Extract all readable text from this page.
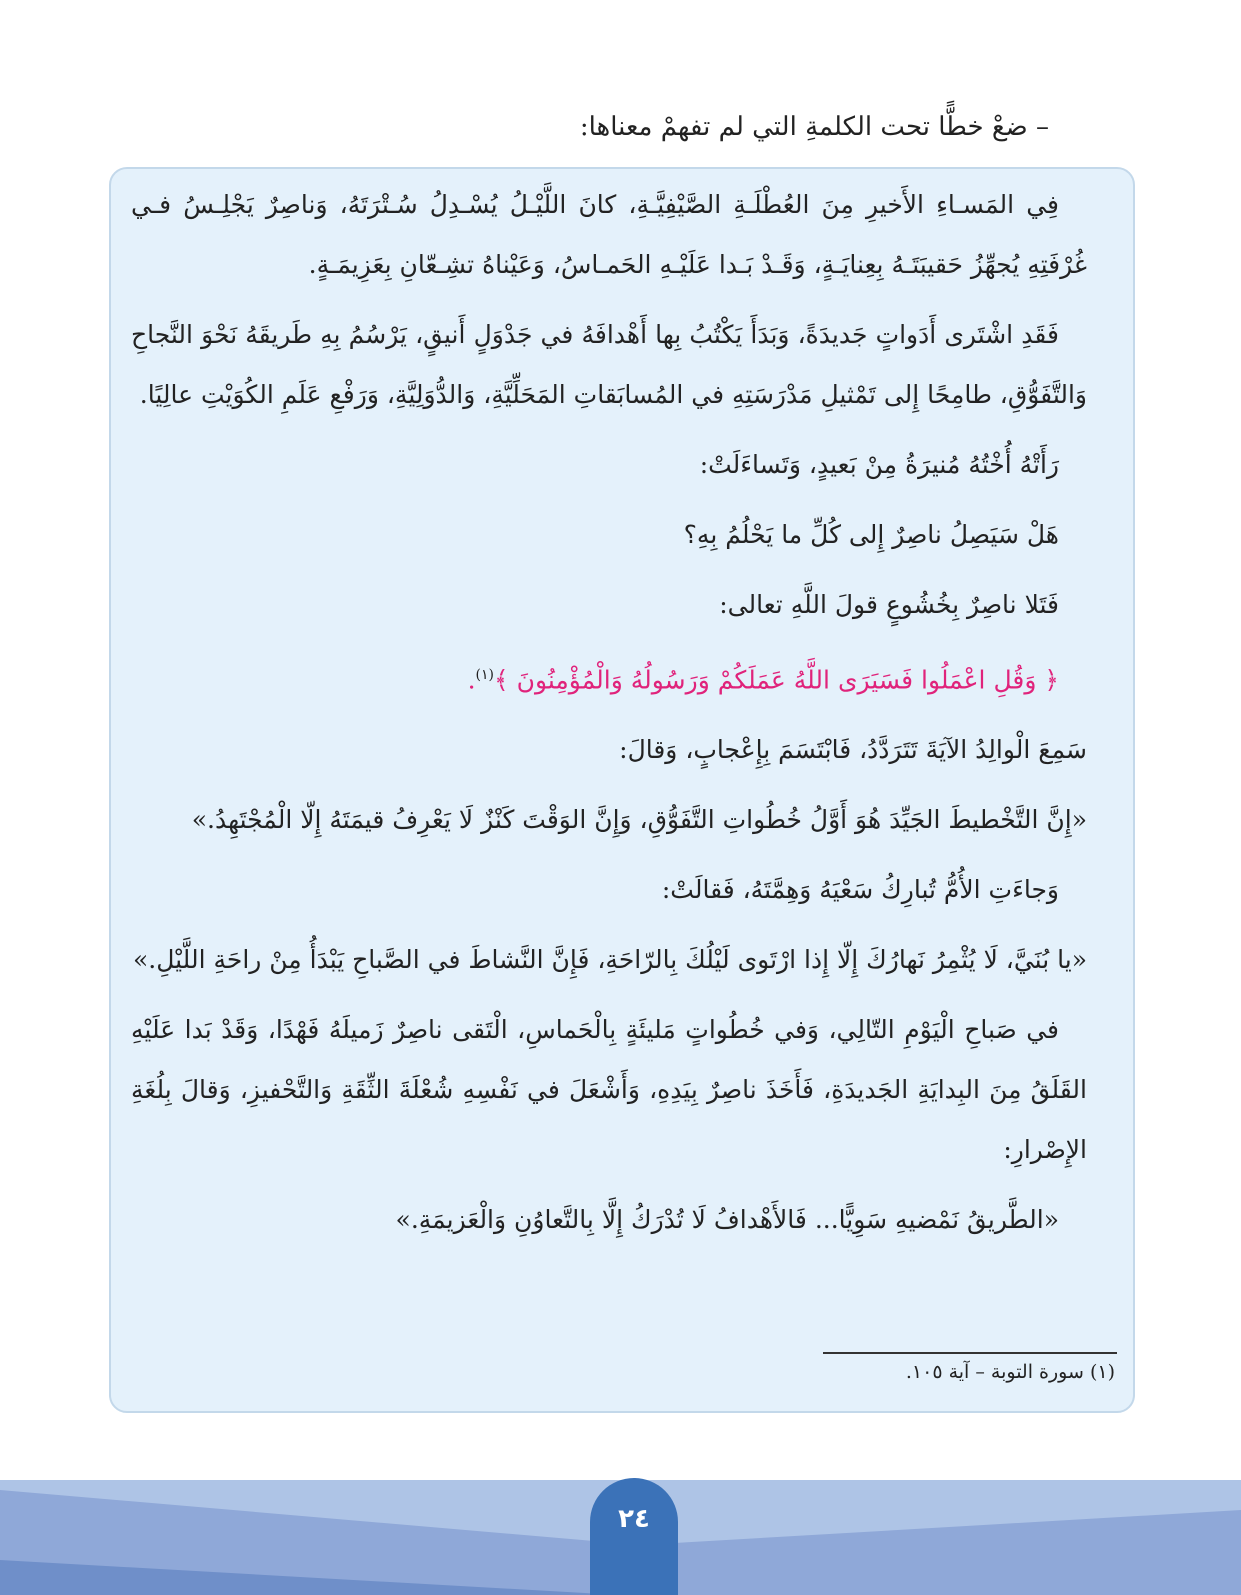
– ضعْ خطًّا تحت الكلمةِ التي لم تفهمْ معناها:

فِي المَسـاءِ الأَخيرِ مِنَ العُطْلَـةِ الصَّيْفِيَّـةِ، كانَ اللَّيْـلُ يُسْـدِلُ سُـتْرَتَهُ، وَناصِرٌ يَجْلِـسُ فـي غُرْفَتِهِ يُجهِّزُ حَقيبَتَـهُ بِعِنايَـةٍ، وَقَـدْ بَـدا عَلَيْـهِ الحَمـاسُ، وَعَيْناهُ تشِـعّانِ بِعَزِيمَـةٍ.

فَقَدِ اشْتَرى أَدَواتٍ جَديدَةً، وَبَدَأَ يَكْتُبُ بِها أَهْدافَهُ في جَدْوَلٍ أَنيقٍ، يَرْسُمُ بِهِ طَريقَهُ نَحْوَ النَّجاحِ وَالتَّفَوُّقِ، طامِحًا إِلى تَمْثيلِ مَدْرَسَتِهِ في المُسابَقاتِ المَحَلِّيَّةِ، وَالدُّوَلِيَّةِ، وَرَفْعِ عَلَمِ الكُوَيْتِ عالِيًا.

رَأَتْهُ أُخْتُهُ مُنيرَةُ مِنْ بَعيدٍ، وَتَساءَلَتْ:

هَلْ سَيَصِلُ ناصِرٌ إِلى كُلِّ ما يَحْلُمُ بِهِ؟

فَتَلا ناصِرٌ بِخُشُوعٍ قولَ اللَّهِ تعالى:

﴿ وَقُلِ اعْمَلُوا فَسَيَرَى اللَّهُ عَمَلَكُمْ وَرَسُولُهُ وَالْمُؤْمِنُونَ ﴾$^{(١)}$.

سَمِعَ الْوالِدُ الآيَةَ تَتَرَدَّدُ، فَابْتَسَمَ بِإِعْجابٍ، وَقالَ:

«إِنَّ التَّخْطيطَ الجَيِّدَ هُوَ أَوَّلُ خُطُواتِ التَّفَوُّقِ، وَإِنَّ الوَقْتَ كَنْزٌ لَا يَعْرِفُ قيمَتَهُ إِلّا الْمُجْتَهِدُ.»

وَجاءَتِ الأُمُّ تُبارِكُ سَعْيَهُ وَهِمَّتَهُ، فَقالَتْ:

«يا بُنَيَّ، لَا يُثْمِرُ نَهارُكَ إِلّا إِذا ارْتَوى لَيْلُكَ بِالرّاحَةِ، فَإِنَّ النَّشاطَ في الصَّباحِ يَبْدَأُ مِنْ راحَةِ اللَّيْلِ.»

في صَباحِ الْيَوْمِ التّالِي، وَفي خُطُواتٍ مَليئَةٍ بِالْحَماسِ، الْتَقى ناصِرٌ زَميلَهُ فَهْدًا، وَقَدْ بَدا عَلَيْهِ القَلَقُ مِنَ البِدايَةِ الجَديدَةِ، فَأَخَذَ ناصِرٌ بِيَدِهِ، وَأَشْعَلَ في نَفْسِهِ شُعْلَةَ الثِّقَةِ وَالتَّحْفيزِ، وَقالَ بِلُغَةِ الإِصْرارِ:

«الطَّريقُ نَمْضيهِ سَوِيًّا... فَالأَهْدافُ لَا تُدْرَكُ إِلَّا بِالتَّعاوُنِ وَالْعَزيمَةِ.»

(١) سورة التوبة – آية ١٠٥.
٢٤
